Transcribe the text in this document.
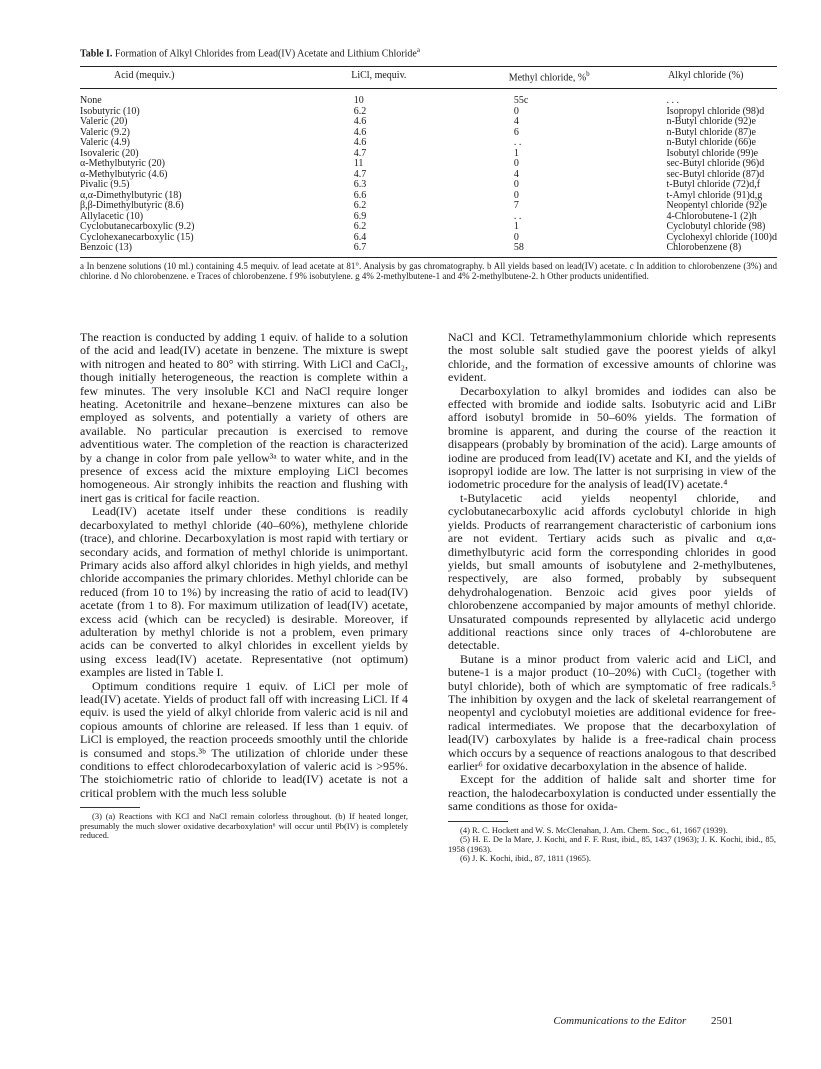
Table I. Formation of Alkyl Chlorides from Lead(IV) Acetate and Lithium Chloride$^a$

Acid (mequiv.)	LiCl, mequiv.	Methyl chloride, %$^b$	Alkyl chloride (%)
None	10	55c	. . .
Isobutyric (10)	6.2	0	Isopropyl chloride (98)d
Valeric (20)	4.6	4	n-Butyl chloride (92)e
Valeric (9.2)	4.6	6	n-Butyl chloride (87)e
Valeric (4.9)	4.6	. .	n-Butyl chloride (66)e
Isovaleric (20)	4.7	1	Isobutyl chloride (99)e
α-Methylbutyric (20)	11	0	sec-Butyl chloride (96)d
α-Methylbutyric (4.6)	4.7	4	sec-Butyl chloride (87)d
Pivalic (9.5)	6.3	0	t-Butyl chloride (72)d,f
α,α-Dimethylbutyric (18)	6.6	0	t-Amyl chloride (91)d,g
β,β-Dimethylbutyric (8.6)	6.2	7	Neopentyl chloride (92)e
Allylacetic (10)	6.9	. .	4-Chlorobutene-1 (2)h
Cyclobutanecarboxylic (9.2)	6.2	1	Cyclobutyl chloride (98)
Cyclohexanecarboxylic (15)	6.4	0	Cyclohexyl chloride (100)d
Benzoic (13)	6.7	58	Chlorobenzene (8)
a In benzene solutions (10 ml.) containing 4.5 mequiv. of lead acetate at 81°. Analysis by gas chromatography. b All yields based on lead(IV) acetate. c In addition to chlorobenzene (3%) and chlorine. d No chlorobenzene. e Traces of chlorobenzene. f 9% isobutylene. g 4% 2-methylbutene-1 and 4% 2-methylbutene-2. h Other products unidentified.

The reaction is conducted by adding 1 equiv. of halide to a solution of the acid and lead(IV) acetate in benzene. The mixture is swept with nitrogen and heated to 80° with stirring. With LiCl and CaCl₂, though initially heterogeneous, the reaction is complete within a few minutes. The very insoluble KCl and NaCl require longer heating. Acetonitrile and hexane–benzene mixtures can also be employed as solvents, and potentially a variety of others are available. No particular precaution is exercised to remove adventitious water. The completion of the reaction is characterized by a change in color from pale yellow³ᵃ to water white, and in the presence of excess acid the mixture employing LiCl becomes homogeneous. Air strongly inhibits the reaction and flushing with inert gas is critical for facile reaction.

Lead(IV) acetate itself under these conditions is readily decarboxylated to methyl chloride (40–60%), methylene chloride (trace), and chlorine. Decarboxylation is most rapid with tertiary or secondary acids, and formation of methyl chloride is unimportant. Primary acids also afford alkyl chlorides in high yields, and methyl chloride accompanies the primary chlorides. Methyl chloride can be reduced (from 10 to 1%) by increasing the ratio of acid to lead(IV) acetate (from 1 to 8). For maximum utilization of lead(IV) acetate, excess acid (which can be recycled) is desirable. Moreover, if adulteration by methyl chloride is not a problem, even primary acids can be converted to alkyl chlorides in excellent yields by using excess lead(IV) acetate. Representative (not optimum) examples are listed in Table I.

Optimum conditions require 1 equiv. of LiCl per mole of lead(IV) acetate. Yields of product fall off with increasing LiCl. If 4 equiv. is used the yield of alkyl chloride from valeric acid is nil and copious amounts of chlorine are released. If less than 1 equiv. of LiCl is employed, the reaction proceeds smoothly until the chloride is consumed and stops.³ᵇ The utilization of chloride under these conditions to effect chlorodecarboxylation of valeric acid is >95%. The stoichiometric ratio of chloride to lead(IV) acetate is not a critical problem with the much less soluble

(3) (a) Reactions with KCl and NaCl remain colorless throughout. (b) If heated longer, presumably the much slower oxidative decarboxylation⁶ will occur until Pb(IV) is completely reduced.

NaCl and KCl. Tetramethylammonium chloride which represents the most soluble salt studied gave the poorest yields of alkyl chloride, and the formation of excessive amounts of chlorine was evident.

Decarboxylation to alkyl bromides and iodides can also be effected with bromide and iodide salts. Isobutyric acid and LiBr afford isobutyl bromide in 50–60% yields. The formation of bromine is apparent, and during the course of the reaction it disappears (probably by bromination of the acid). Large amounts of iodine are produced from lead(IV) acetate and KI, and the yields of isopropyl iodide are low. The latter is not surprising in view of the iodometric procedure for the analysis of lead(IV) acetate.⁴

t-Butylacetic acid yields neopentyl chloride, and cyclobutanecarboxylic acid affords cyclobutyl chloride in high yields. Products of rearrangement characteristic of carbonium ions are not evident. Tertiary acids such as pivalic and α,α-dimethylbutyric acid form the corresponding chlorides in good yields, but small amounts of isobutylene and 2-methylbutenes, respectively, are also formed, probably by subsequent dehydrohalogenation. Benzoic acid gives poor yields of chlorobenzene accompanied by major amounts of methyl chloride. Unsaturated compounds represented by allylacetic acid undergo additional reactions since only traces of 4-chlorobutene are detectable.

Butane is a minor product from valeric acid and LiCl, and butene-1 is a major product (10–20%) with CuCl₂ (together with butyl chloride), both of which are symptomatic of free radicals.⁵ The inhibition by oxygen and the lack of skeletal rearrangement of neopentyl and cyclobutyl moieties are additional evidence for free-radical intermediates. We propose that the decarboxylation of lead(IV) carboxylates by halide is a free-radical chain process which occurs by a sequence of reactions analogous to that described earlier⁶ for oxidative decarboxylation in the absence of halide.

Except for the addition of halide salt and shorter time for reaction, the halodecarboxylation is conducted under essentially the same conditions as those for oxida-

(4) R. C. Hockett and W. S. McClenahan, J. Am. Chem. Soc., 61, 1667 (1939).

(5) H. E. De la Mare, J. Kochi, and F. F. Rust, ibid., 85, 1437 (1963); J. K. Kochi, ibid., 85, 1958 (1963).

(6) J. K. Kochi, ibid., 87, 1811 (1965).

Communications to the Editor 2501
